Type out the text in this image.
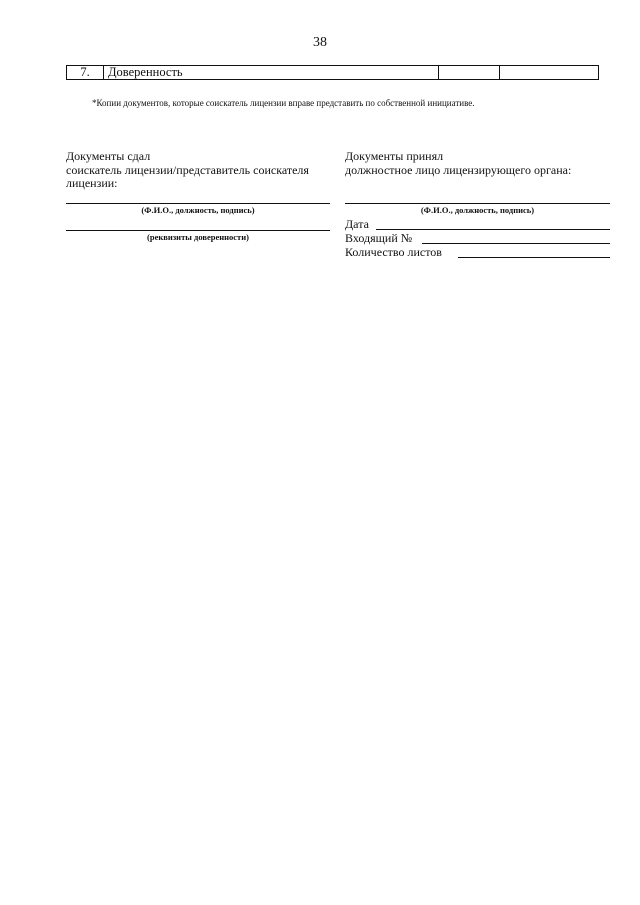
38
7.	Доверенность		
*Копии документов, которые соискатель лицензии вправе представить по собственной инициативе.
Документы сдал
соискатель лицензии/представитель соискателя
лицензии:
(Ф.И.О., должность, подпись)
(реквизиты доверенности)
Документы принял
должностное лицо лицензирующего органа:
(Ф.И.О., должность, подпись)
Дата
Входящий №
Количество листов
